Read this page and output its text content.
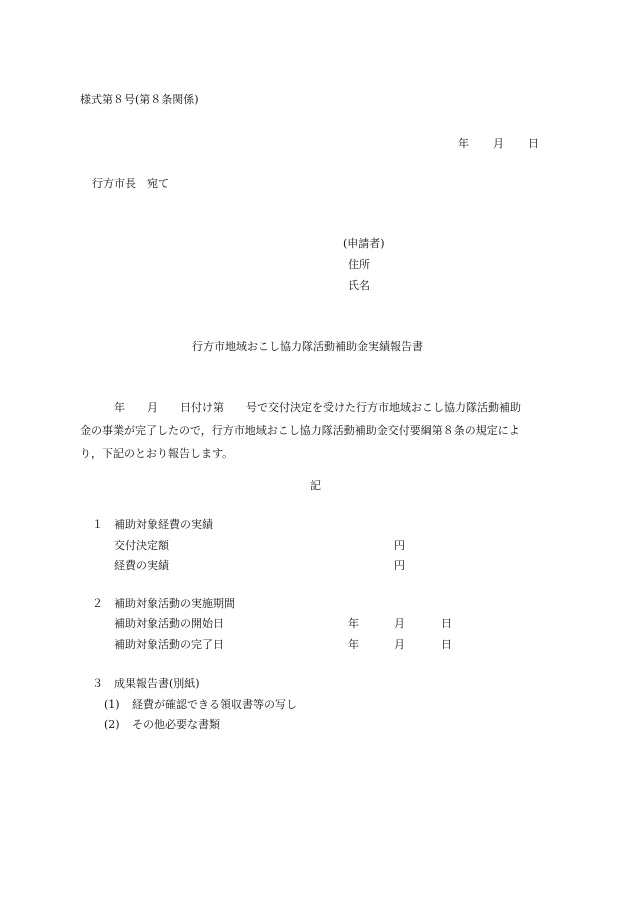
様式第８号(第８条関係)
年 月 日
行方市長　宛て
(申請者)
住所
氏名
行方市地域おこし協力隊活動補助金実績報告書
年　　月　　日付け第　　号で交付決定を受けた行方市地域おこし協力隊活動補助
金の事業が完了したので，行方市地域おこし協力隊活動補助金交付要綱第８条の規定によ
り，下記のとおり報告します。
記
１ 補助対象経費の実績
交付決定額	円
経費の実績	円
２ 補助対象活動の実施期間
補助対象活動の開始日	年	月	日
補助対象活動の完了日	年	月	日
３ 成果報告書(別紙)
(1) 経費が確認できる領収書等の写し
(2) その他必要な書類
